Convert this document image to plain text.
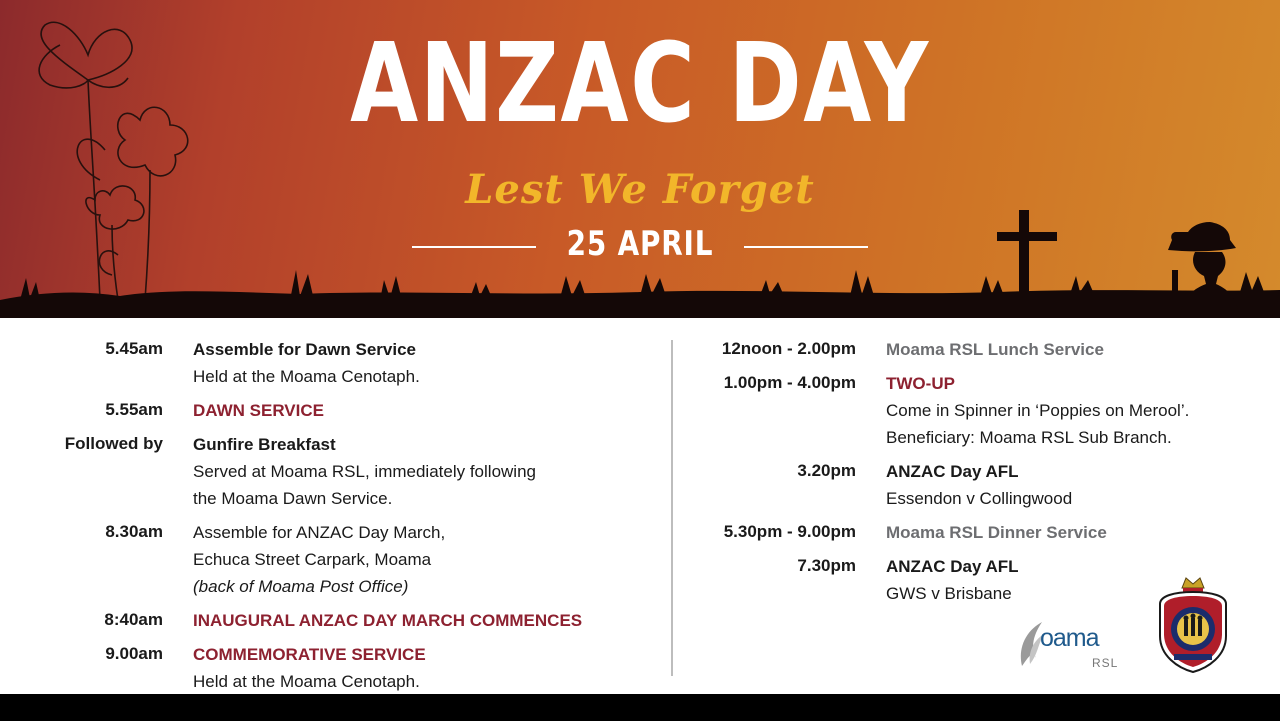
ANZAC DAY
Lest We Forget
25 APRIL
5.45am Assemble for Dawn Service
Held at the Moama Cenotaph.
5.55am DAWN SERVICE
Followed by Gunfire Breakfast
Served at Moama RSL, immediately following
the Moama Dawn Service.
8.30am Assemble for ANZAC Day March,
Echuca Street Carpark, Moama
(back of Moama Post Office)
8:40am INAUGURAL ANZAC DAY MARCH COMMENCES
9.00am COMMEMORATIVE SERVICE
Held at the Moama Cenotaph.
12noon - 2.00pm Moama RSL Lunch Service
1.00pm - 4.00pm TWO-UP
Come in Spinner in ‘Poppies on Merool’.
Beneficiary: Moama RSL Sub Branch.
3.20pm ANZAC Day AFL
Essendon v Collingwood
5.30pm - 9.00pm Moama RSL Dinner Service
7.30pm ANZAC Day AFL
GWS v Brisbane
oama
RSL
